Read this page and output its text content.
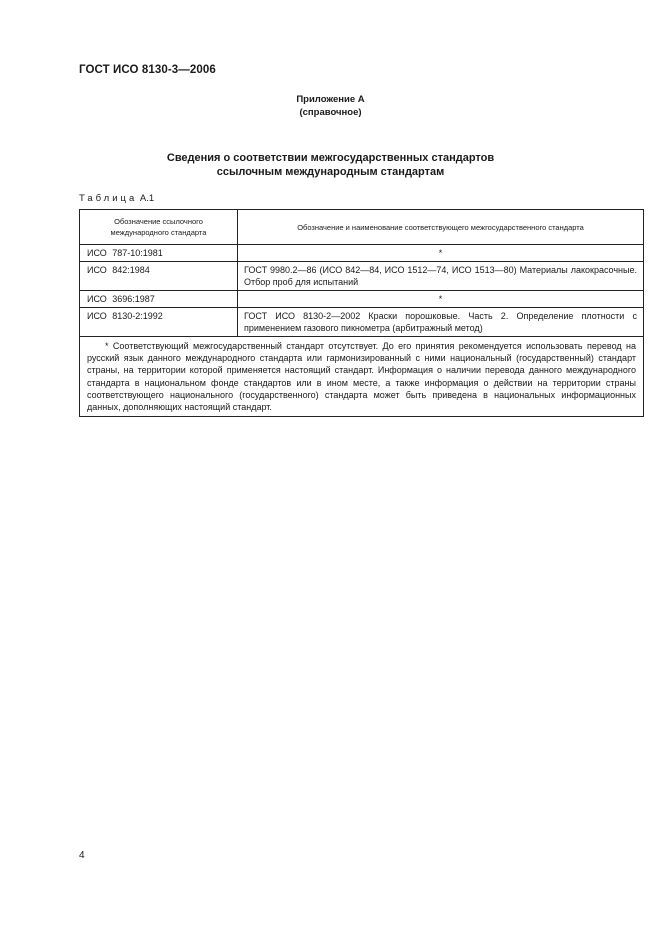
ГОСТ ИСО 8130-3—2006
Приложение А
(справочное)
Сведения о соответствии межгосударственных стандартов
ссылочным международным стандартам
Таблица А.1
Обозначение ссылочного международного стандарта	Обозначение и наименование соответствующего межгосударственного стандарта
ИСО 787-10:1981	*
ИСО 842:1984	ГОСТ 9980.2—86 (ИСО 842—84, ИСО 1512—74, ИСО 1513—80) Материалы лакокрасочные. Отбор проб для испытаний
ИСО 3696:1987	*
ИСО 8130-2:1992	ГОСТ ИСО 8130-2—2002 Краски порошковые. Часть 2. Определение плотности с применением газового пикнометра (арбитражный метод)
* Соответствующий межгосударственный стандарт отсутствует. До его принятия рекомендуется использовать перевод на русский язык данного международного стандарта или гармонизированный с ними национальный (государственный) стандарт страны, на территории которой применяется настоящий стандарт. Информация о наличии перевода данного международного стандарта в национальном фонде стандартов или в ином месте, а также информация о действии на территории страны соответствующего национального (государственного) стандарта может быть приведена в национальных информационных данных, дополняющих настоящий стандарт.	
4
